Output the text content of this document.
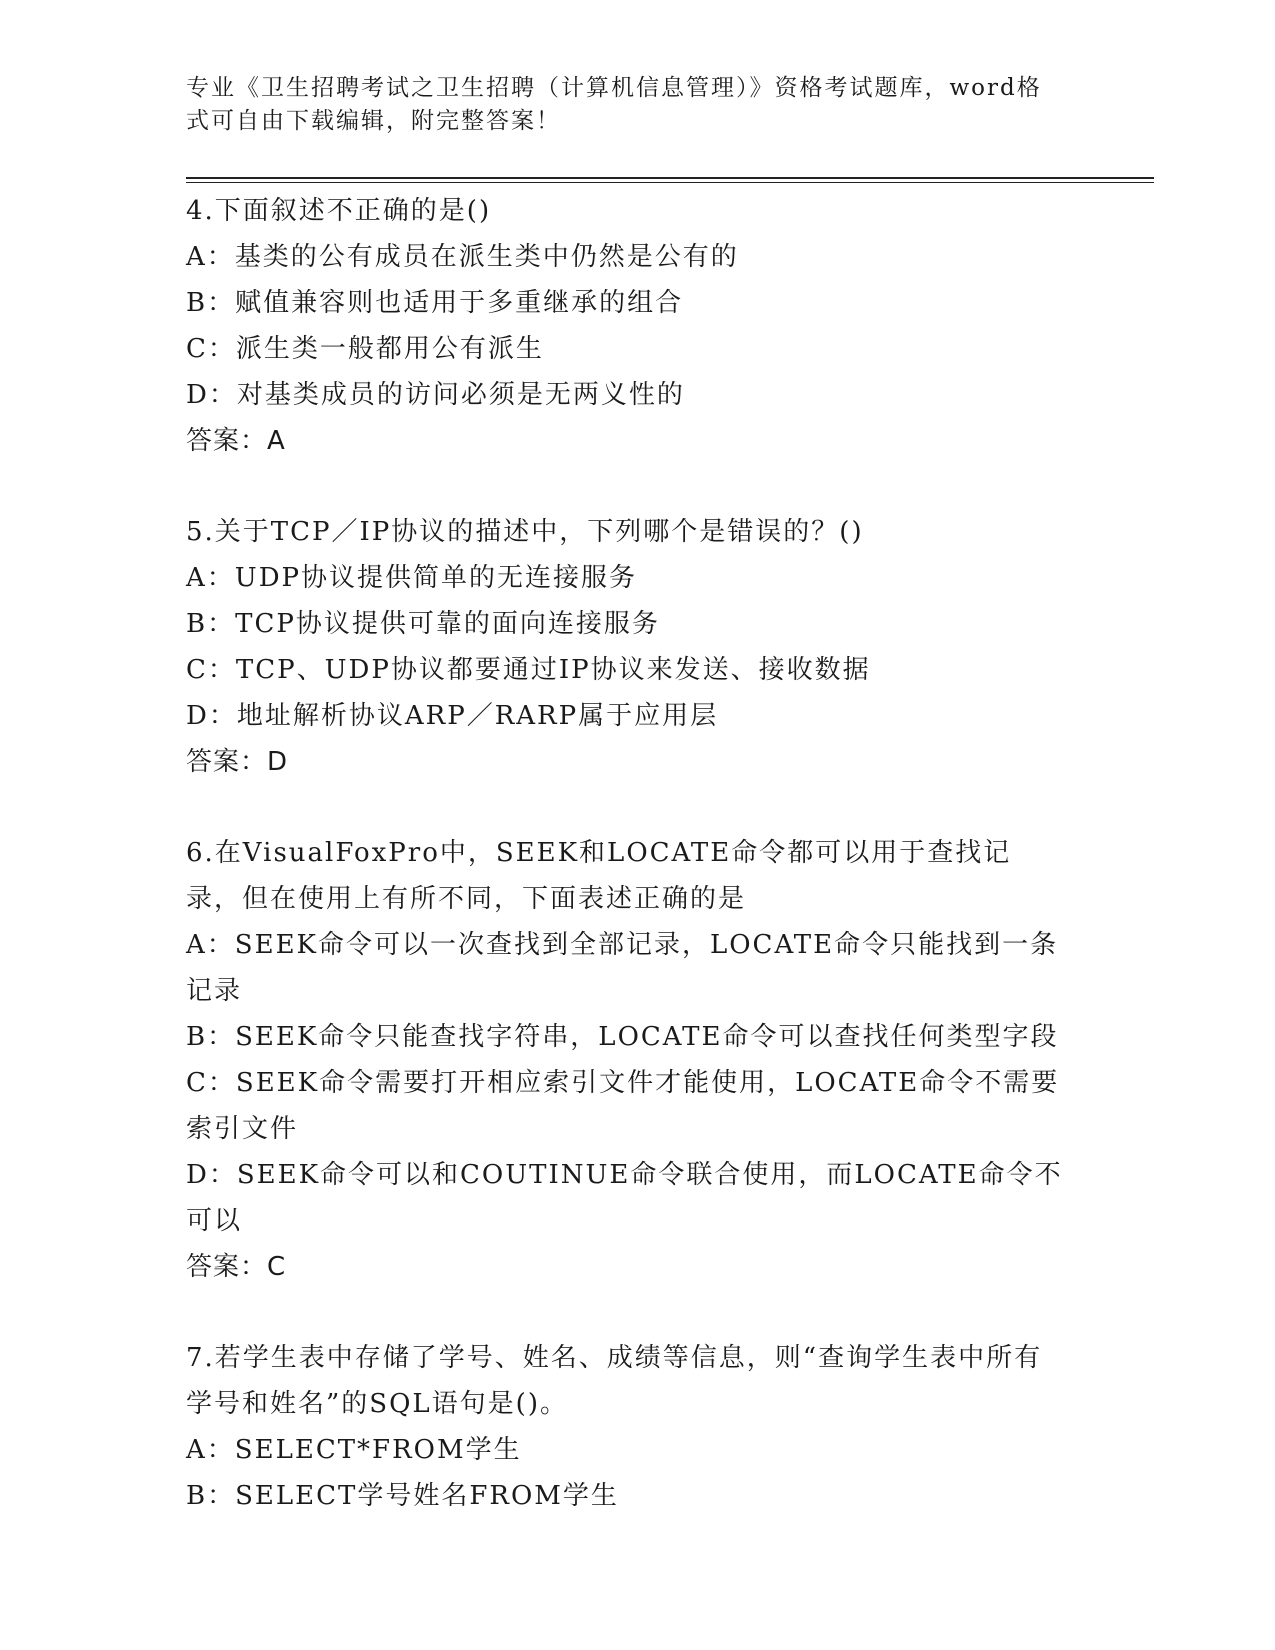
专业《卫生招聘考试之卫生招聘（计算机信息管理）》资格考试题库，word格式可自由下载编辑，附完整答案！

4.下面叙述不正确的是()

A：基类的公有成员在派生类中仍然是公有的

B：赋值兼容则也适用于多重继承的组合

C：派生类一般都用公有派生

D：对基类成员的访问必须是无两义性的

答案：A

5.关于TCP／IP协议的描述中，下列哪个是错误的？()

A：UDP协议提供简单的无连接服务

B：TCP协议提供可靠的面向连接服务

C：TCP、UDP协议都要通过IP协议来发送、接收数据

D：地址解析协议ARP／RARP属于应用层

答案：D

6.在VisualFoxPro中，SEEK和LOCATE命令都可以用于查找记录，但在使用上有所不同，下面表述正确的是

A：SEEK命令可以一次查找到全部记录，LOCATE命令只能找到一条记录

B：SEEK命令只能查找字符串，LOCATE命令可以查找任何类型字段

C：SEEK命令需要打开相应索引文件才能使用，LOCATE命令不需要索引文件

D：SEEK命令可以和COUTINUE命令联合使用，而LOCATE命令不可以

答案：C

7.若学生表中存储了学号、姓名、成绩等信息，则“查询学生表中所有学号和姓名”的SQL语句是()。

A：SELECT*FROM学生

B：SELECT学号姓名FROM学生
